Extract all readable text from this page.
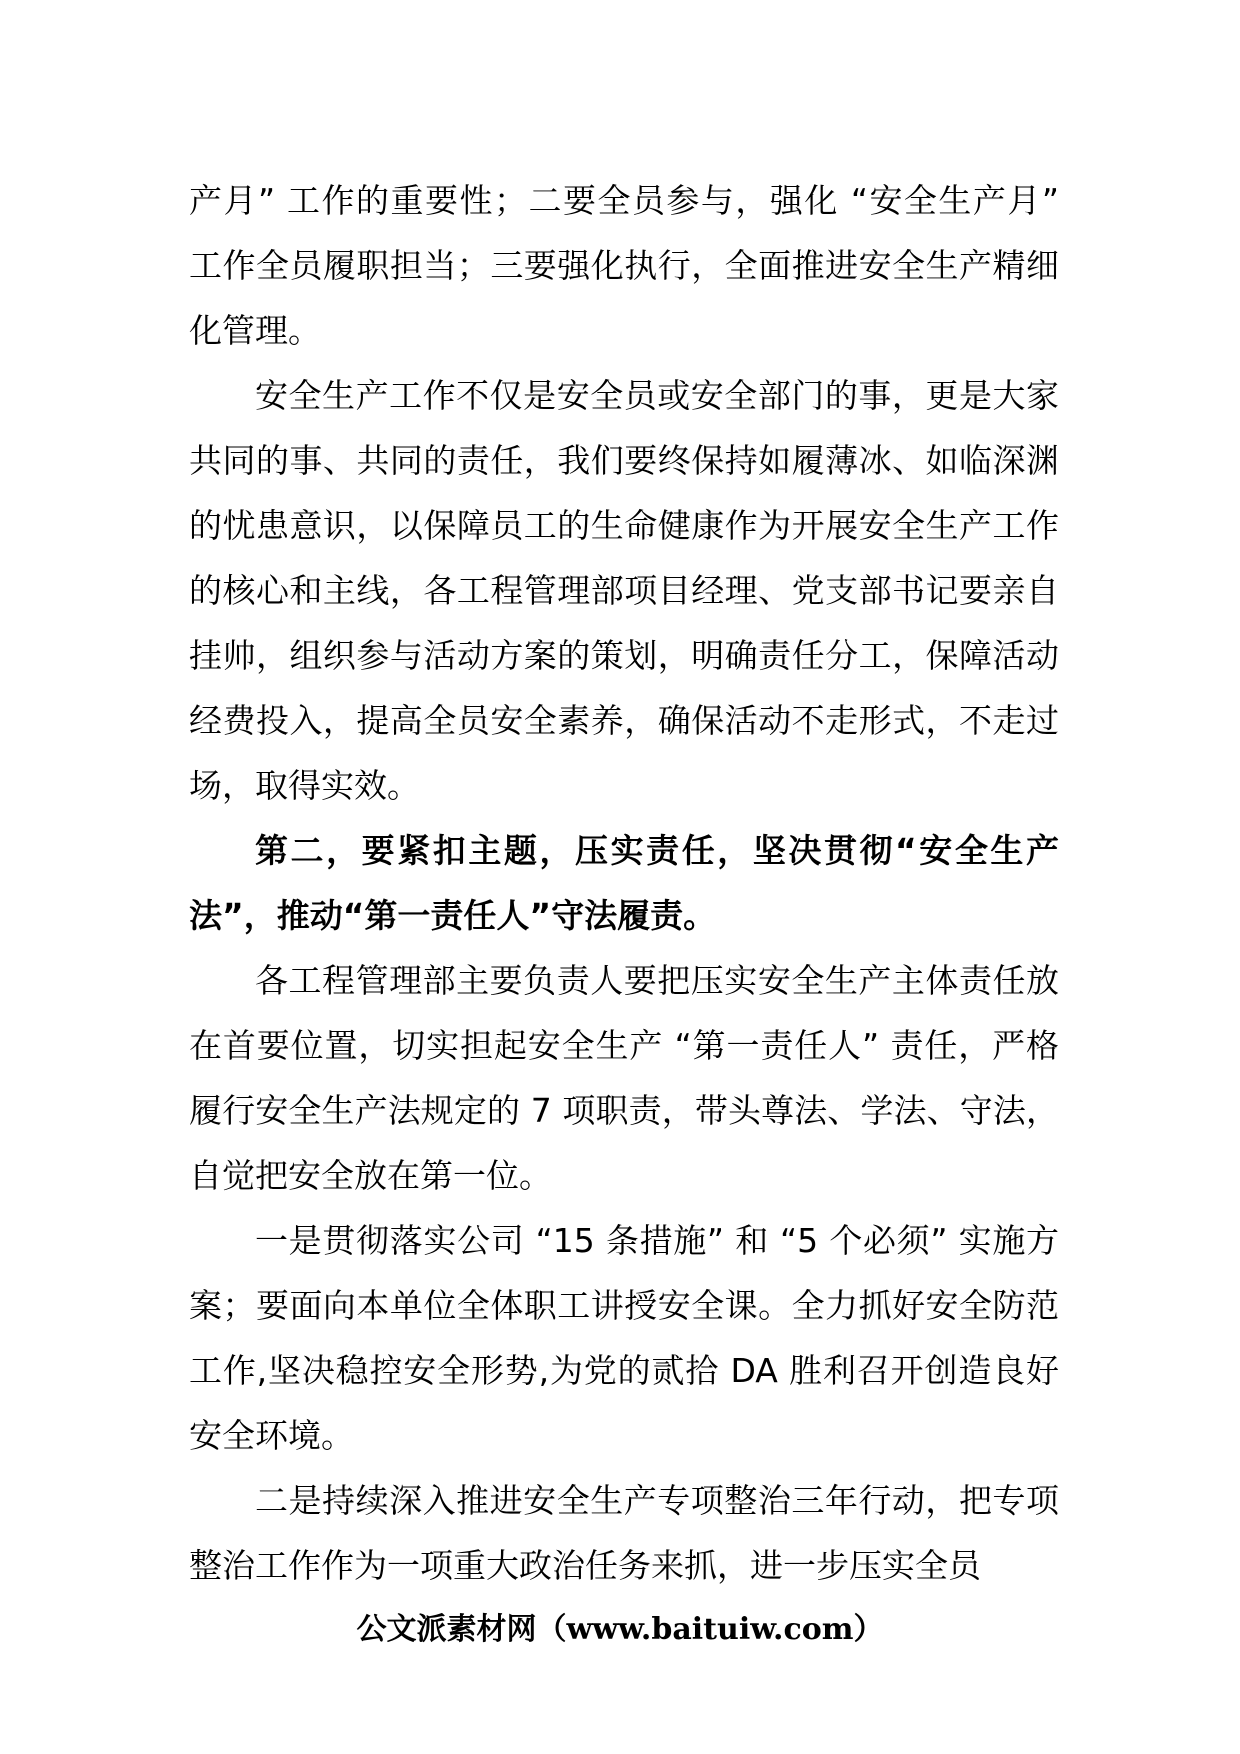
产月” 工作的重要性；二要全员参与，强化 “安全生产月” 工作全员履职担当；三要强化执行，全面推进安全生产精细化管理。

安全生产工作不仅是安全员或安全部门的事，更是大家共同的事、共同的责任，我们要终保持如履薄冰、如临深渊的忧患意识，以保障员工的生命健康作为开展安全生产工作的核心和主线，各工程管理部项目经理、党支部书记要亲自挂帅，组织参与活动方案的策划，明确责任分工，保障活动经费投入，提高全员安全素养，确保活动不走形式，不走过场，取得实效。

第二，要紧扣主题，压实责任，坚决贯彻“安全生产法”，推动“第一责任人”守法履责。

各工程管理部主要负责人要把压实安全生产主体责任放在首要位置，切实担起安全生产 “第一责任人” 责任，严格履行安全生产法规定的 7 项职责，带头尊法、学法、守法，自觉把安全放在第一位。

一是贯彻落实公司 “15 条措施” 和 “5 个必须” 实施方案；要面向本单位全体职工讲授安全课。全力抓好安全防范工作,坚决稳控安全形势,为党的贰拾 DA 胜利召开创造良好安全环境。

二是持续深入推进安全生产专项整治三年行动，把专项整治工作作为一项重大政治任务来抓，进一步压实全员

公文派素材网（www.baituiw.com）
